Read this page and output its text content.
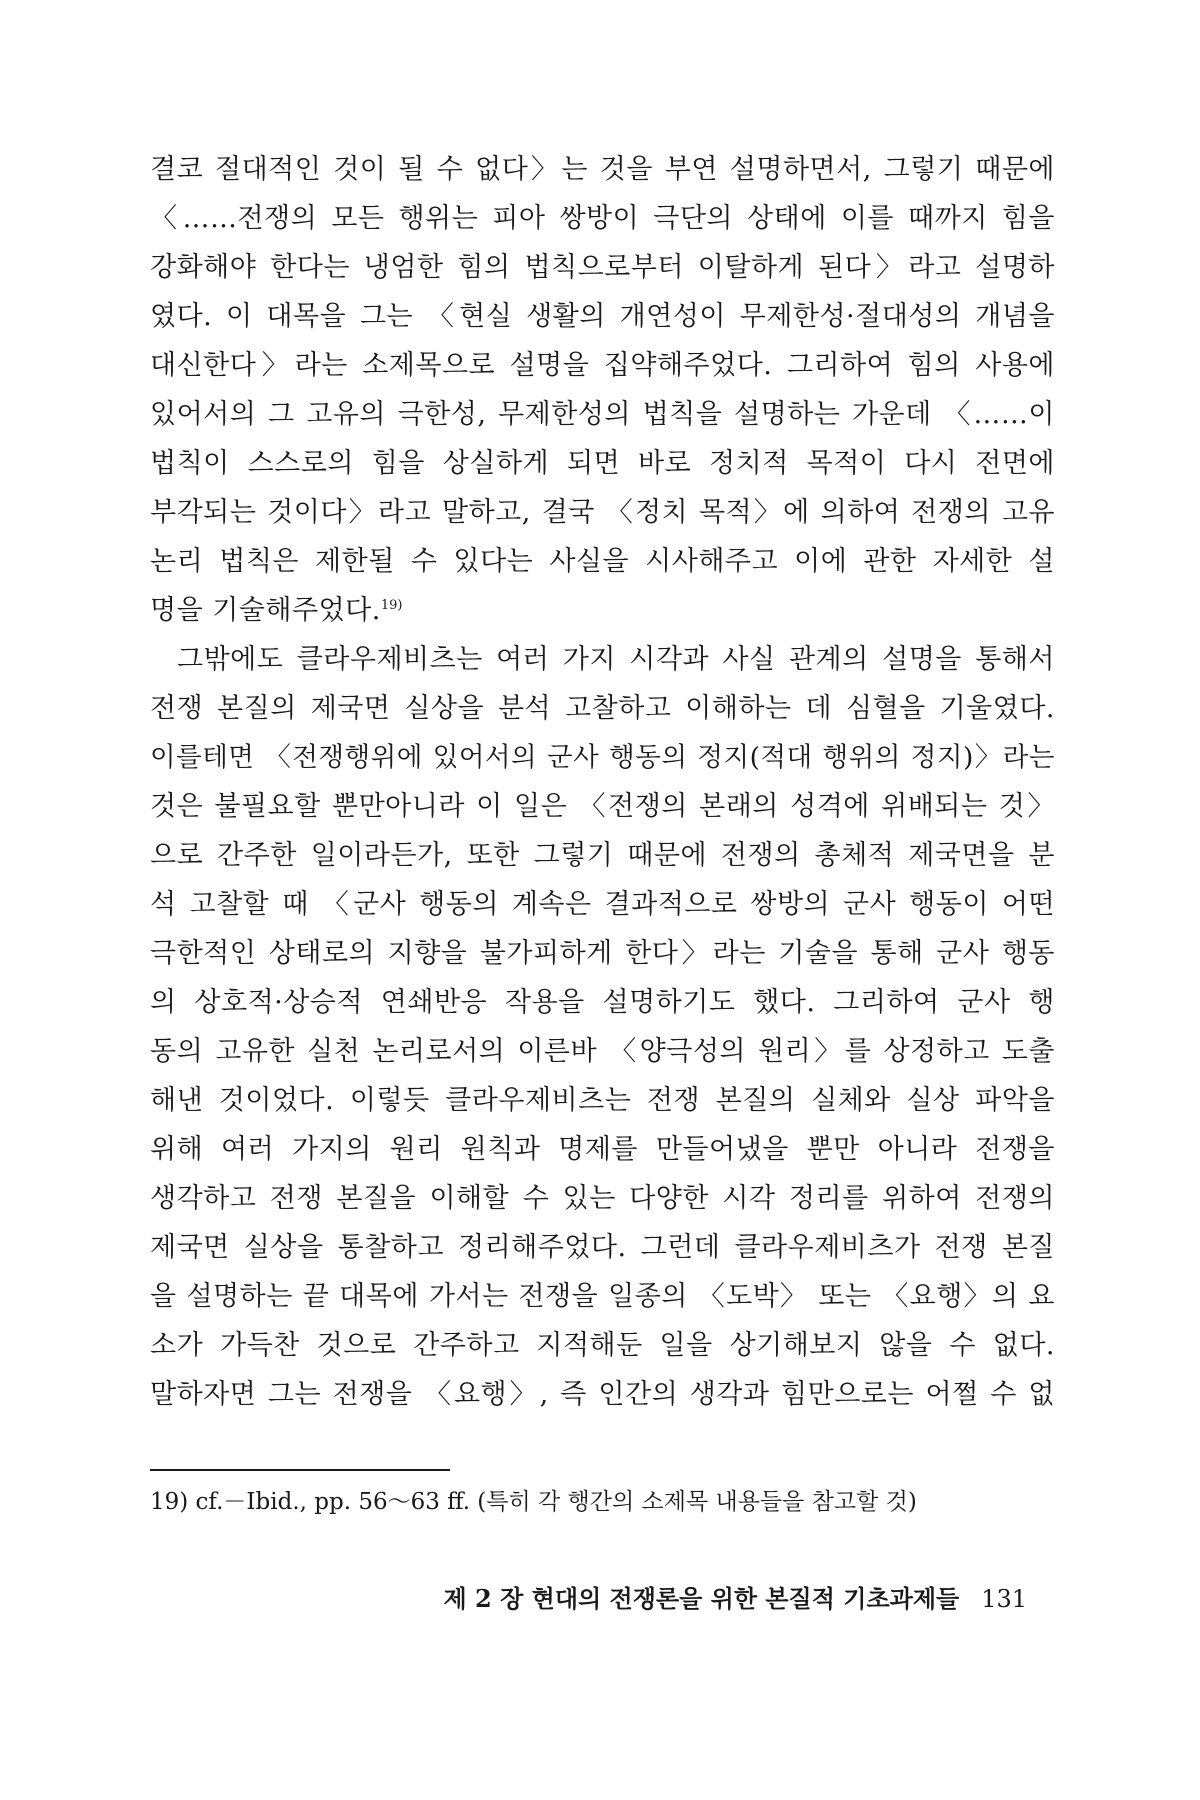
결코 절대적인 것이 될 수 없다〉는 것을 부연 설명하면서, 그렇기 때문에
〈……전쟁의 모든 행위는 피아 쌍방이 극단의 상태에 이를 때까지 힘을
강화해야 한다는 냉엄한 힘의 법칙으로부터 이탈하게 된다〉라고 설명하
였다. 이 대목을 그는 〈현실 생활의 개연성이 무제한성·절대성의 개념을
대신한다〉라는 소제목으로 설명을 집약해주었다. 그리하여 힘의 사용에
있어서의 그 고유의 극한성, 무제한성의 법칙을 설명하는 가운데 〈……이
법칙이 스스로의 힘을 상실하게 되면 바로 정치적 목적이 다시 전면에
부각되는 것이다〉라고 말하고, 결국 〈정치 목적〉에 의하여 전쟁의 고유
논리 법칙은 제한될 수 있다는 사실을 시사해주고 이에 관한 자세한 설
명을 기술해주었다.$^{19)}$
그밖에도 클라우제비츠는 여러 가지 시각과 사실 관계의 설명을 통해서
전쟁 본질의 제국면 실상을 분석 고찰하고 이해하는 데 심혈을 기울였다.
이를테면 〈전쟁행위에 있어서의 군사 행동의 정지(적대 행위의 정지)〉라는
것은 불필요할 뿐만아니라 이 일은 〈전쟁의 본래의 성격에 위배되는 것〉
으로 간주한 일이라든가, 또한 그렇기 때문에 전쟁의 총체적 제국면을 분
석 고찰할 때 〈군사 행동의 계속은 결과적으로 쌍방의 군사 행동이 어떤
극한적인 상태로의 지향을 불가피하게 한다〉라는 기술을 통해 군사 행동
의 상호적·상승적 연쇄반응 작용을 설명하기도 했다. 그리하여 군사 행
동의 고유한 실천 논리로서의 이른바 〈양극성의 원리〉를 상정하고 도출
해낸 것이었다. 이렇듯 클라우제비츠는 전쟁 본질의 실체와 실상 파악을
위해 여러 가지의 원리 원칙과 명제를 만들어냈을 뿐만 아니라 전쟁을
생각하고 전쟁 본질을 이해할 수 있는 다양한 시각 정리를 위하여 전쟁의
제국면 실상을 통찰하고 정리해주었다. 그런데 클라우제비츠가 전쟁 본질
을 설명하는 끝 대목에 가서는 전쟁을 일종의 〈도박〉 또는 〈요행〉의 요
소가 가득찬 것으로 간주하고 지적해둔 일을 상기해보지 않을 수 없다.
말하자면 그는 전쟁을 〈요행〉, 즉 인간의 생각과 힘만으로는 어쩔 수 없
19) cf.－Ibid., pp. 56～63 ff. (특히 각 행간의 소제목 내용들을 참고할 것)
제 2 장 현대의 전쟁론을 위한 본질적 기초과제들 131
